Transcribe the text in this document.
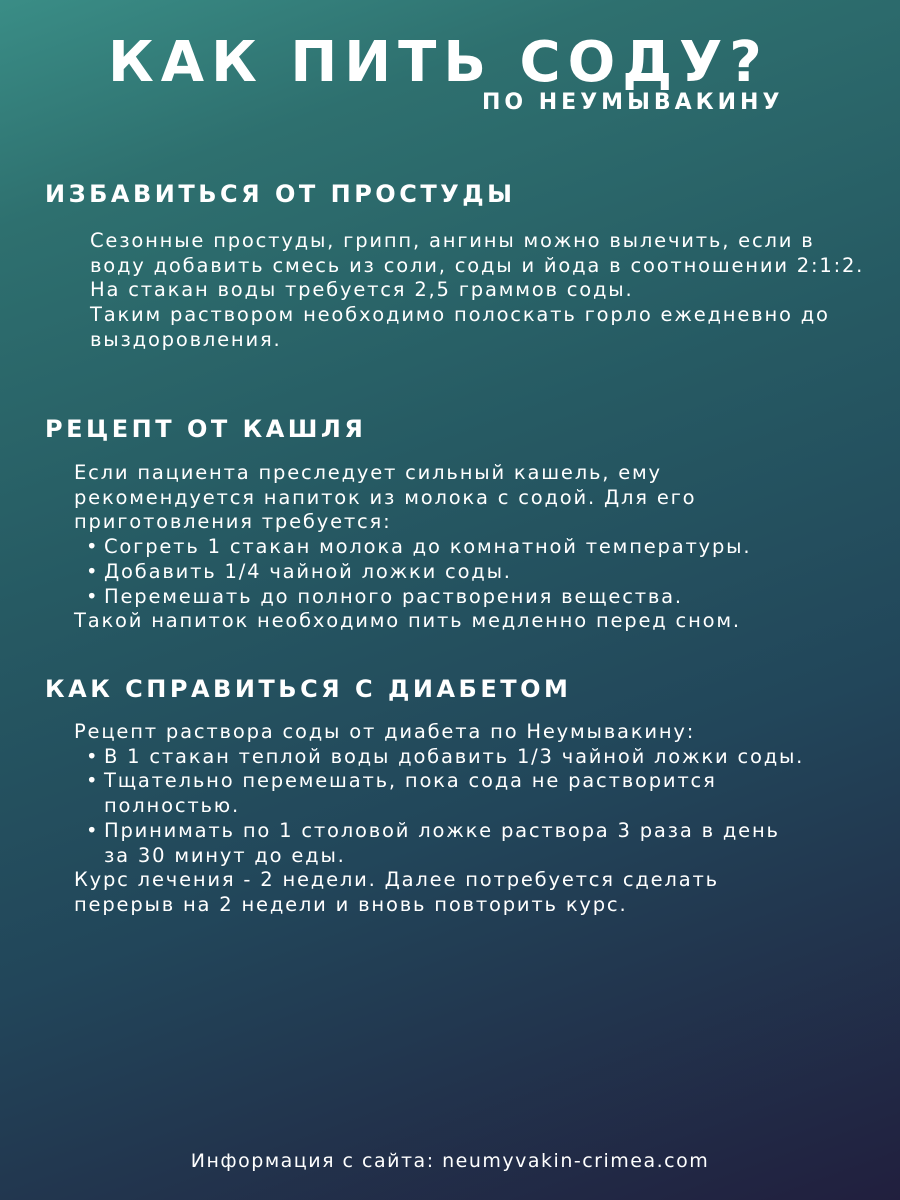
КАК ПИТЬ СОДУ?
ПО НЕУМЫВАКИНУ
ИЗБАВИТЬСЯ ОТ ПРОСТУДЫ

Сезонные простуды, грипп, ангины можно вылечить, если в воду добавить смесь из соли, соды и йода в соотношении 2:1:2. На стакан воды требуется 2,5 граммов соды.

Таким раствором необходимо полоскать горло ежедневно до выздоровления.

РЕЦЕПТ ОТ КАШЛЯ

Если пациента преследует сильный кашель, ему рекомендуется напиток из молока с содой. Для его приготовления требуется:

• Согреть 1 стакан молока до комнатной температуры.
• Добавить 1/4 чайной ложки соды.
• Перемешать до полного растворения вещества.

Такой напиток необходимо пить медленно перед сном.

КАК СПРАВИТЬСЯ С ДИАБЕТОМ

Рецепт раствора соды от диабета по Неумывакину:

• В 1 стакан теплой воды добавить 1/3 чайной ложки соды.
• Тщательно перемешать, пока сода не растворится полностью.
• Принимать по 1 столовой ложке раствора 3 раза в день за 30 минут до еды.

Курс лечения - 2 недели. Далее потребуется сделать перерыв на 2 недели и вновь повторить курс.

Информация с сайта: neumyvakin-crimea.com
